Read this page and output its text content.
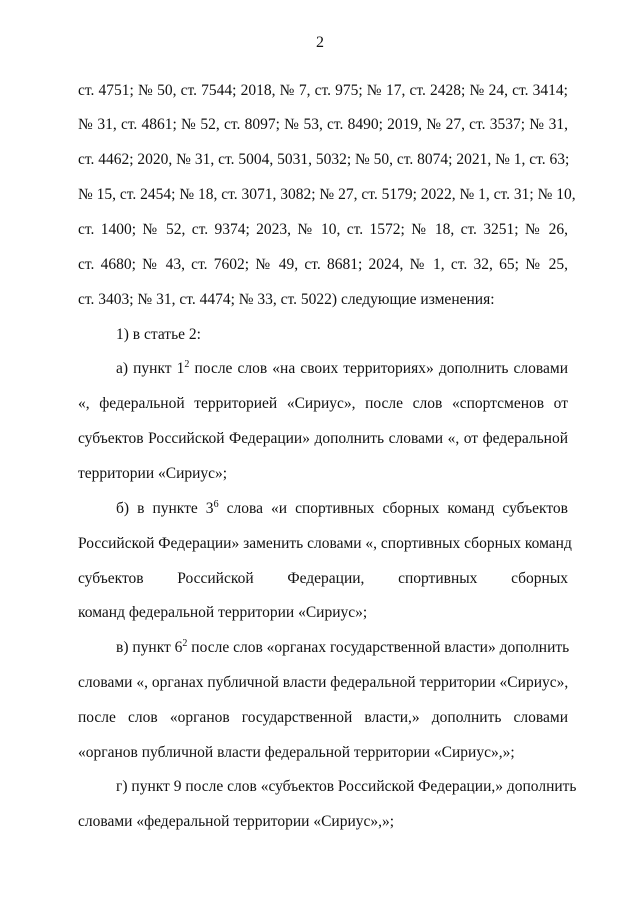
2
ст. 4751; № 50, ст. 7544; 2018, № 7, ст. 975; № 17, ст. 2428; № 24, ст. 3414;
№ 31, ст. 4861; № 52, ст. 8097; № 53, ст. 8490; 2019, № 27, ст. 3537; № 31,
ст. 4462; 2020, № 31, ст. 5004, 5031, 5032; № 50, ст. 8074; 2021, № 1, ст. 63;
№ 15, ст. 2454; № 18, ст. 3071, 3082; № 27, ст. 5179; 2022, № 1, ст. 31; № 10,
ст. 1400; № 52, ст. 9374; 2023, № 10, ст. 1572; № 18, ст. 3251; № 26,
ст. 4680; № 43, ст. 7602; № 49, ст. 8681; 2024, № 1, ст. 32, 65; № 25,
ст. 3403; № 31, ст. 4474; № 33, ст. 5022) следующие изменения:
1) в статье 2:
а) пункт $1^2$ после слов «на своих территориях» дополнить словами
«, федеральной территорией «Сириус», после слов «спортсменов от
субъектов Российской Федерации» дополнить словами «, от федеральной
территории «Сириус»;
б) в пункте $3^6$ слова «и спортивных сборных команд субъектов
Российской Федерации» заменить словами «, спортивных сборных команд
субъектов Российской Федерации, спортивных сборных
команд федеральной территории «Сириус»;
в) пункт $6^2$ после слов «органах государственной власти» дополнить
словами «, органах публичной власти федеральной территории «Сириус»,
после слов «органов государственной власти,» дополнить словами
«органов публичной власти федеральной территории «Сириус»,»;
г) пункт 9 после слов «субъектов Российской Федерации,» дополнить
словами «федеральной территории «Сириус»,»;
